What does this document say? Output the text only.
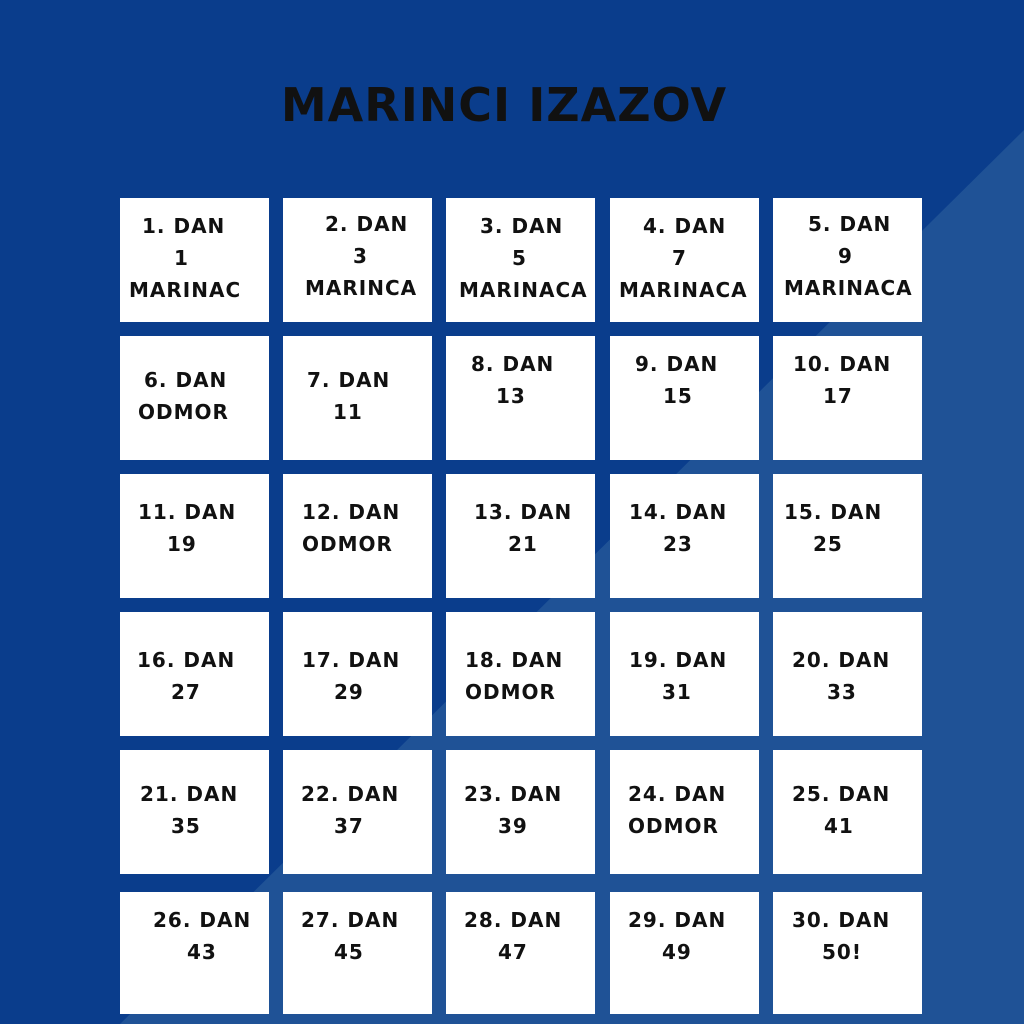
MARINCI IZAZOV
1. DAN
1
MARINAC
2. DAN
3
MARINCA
3. DAN
5
MARINACA
4. DAN
7
MARINACA
5. DAN
9
MARINACA
6. DAN
ODMOR
7. DAN
11
8. DAN
13
9. DAN
15
10. DAN
17
11. DAN
19
12. DAN
ODMOR
13. DAN
21
14. DAN
23
15. DAN
25
16. DAN
27
17. DAN
29
18. DAN
ODMOR
19. DAN
31
20. DAN
33
21. DAN
35
22. DAN
37
23. DAN
39
24. DAN
ODMOR
25. DAN
41
26. DAN
43
27. DAN
45
28. DAN
47
29. DAN
49
30. DAN
50!
